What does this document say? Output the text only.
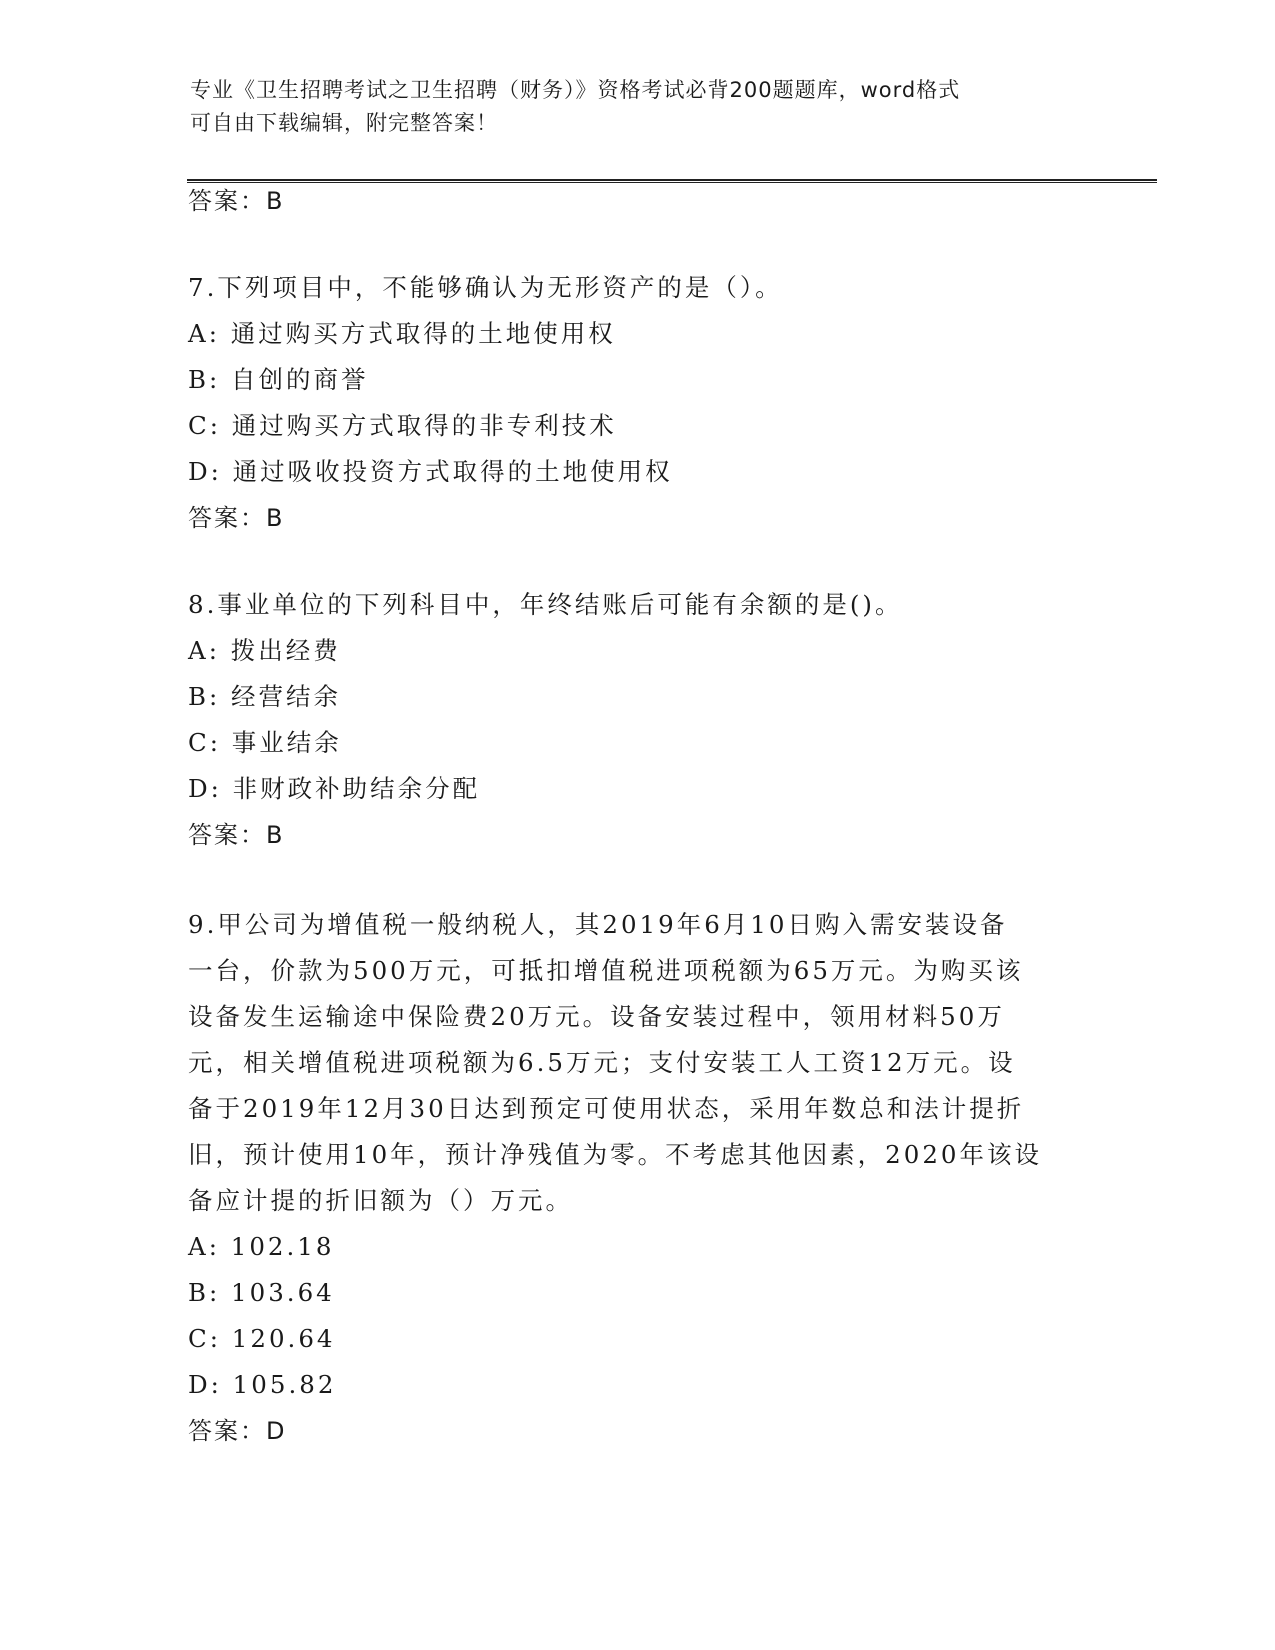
专业《卫生招聘考试之卫生招聘（财务）》资格考试必背200题题库，word格式
可自由下载编辑，附完整答案！
答案：B
7.下列项目中，不能够确认为无形资产的是（）。
A: 通过购买方式取得的土地使用权
B: 自创的商誉
C: 通过购买方式取得的非专利技术
D: 通过吸收投资方式取得的土地使用权
答案：B
8.事业单位的下列科目中，年终结账后可能有余额的是()。
A: 拨出经费
B: 经营结余
C: 事业结余
D: 非财政补助结余分配
答案：B
9.甲公司为增值税一般纳税人，其2019年6月10日购入需安装设备
一台，价款为500万元，可抵扣增值税进项税额为65万元。为购买该
设备发生运输途中保险费20万元。设备安装过程中，领用材料50万
元，相关增值税进项税额为6.5万元；支付安装工人工资12万元。设
备于2019年12月30日达到预定可使用状态，采用年数总和法计提折
旧，预计使用10年，预计净残值为零。不考虑其他因素，2020年该设
备应计提的折旧额为（）万元。
A: 102.18
B: 103.64
C: 120.64
D: 105.82
答案：D
